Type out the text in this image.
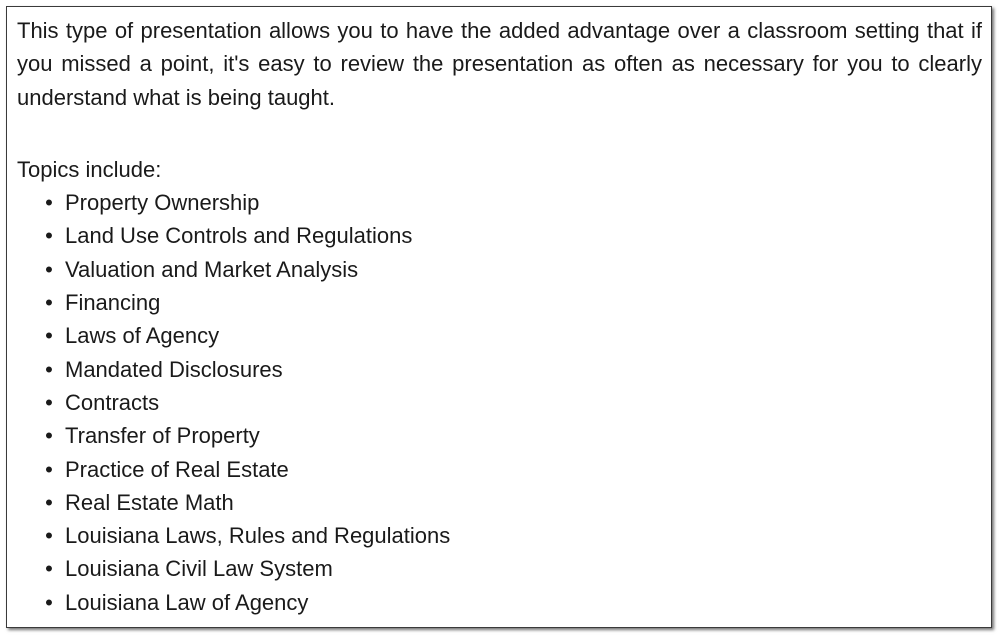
This type of presentation allows you to have the added advantage over a classroom setting that if you missed a point, it's easy to review the presentation as often as necessary for you to clearly understand what is being taught.

Topics include:

• Property Ownership
• Land Use Controls and Regulations
• Valuation and Market Analysis
• Financing
• Laws of Agency
• Mandated Disclosures
• Contracts
• Transfer of Property
• Practice of Real Estate
• Real Estate Math
• Louisiana Laws, Rules and Regulations
• Louisiana Civil Law System
• Louisiana Law of Agency
